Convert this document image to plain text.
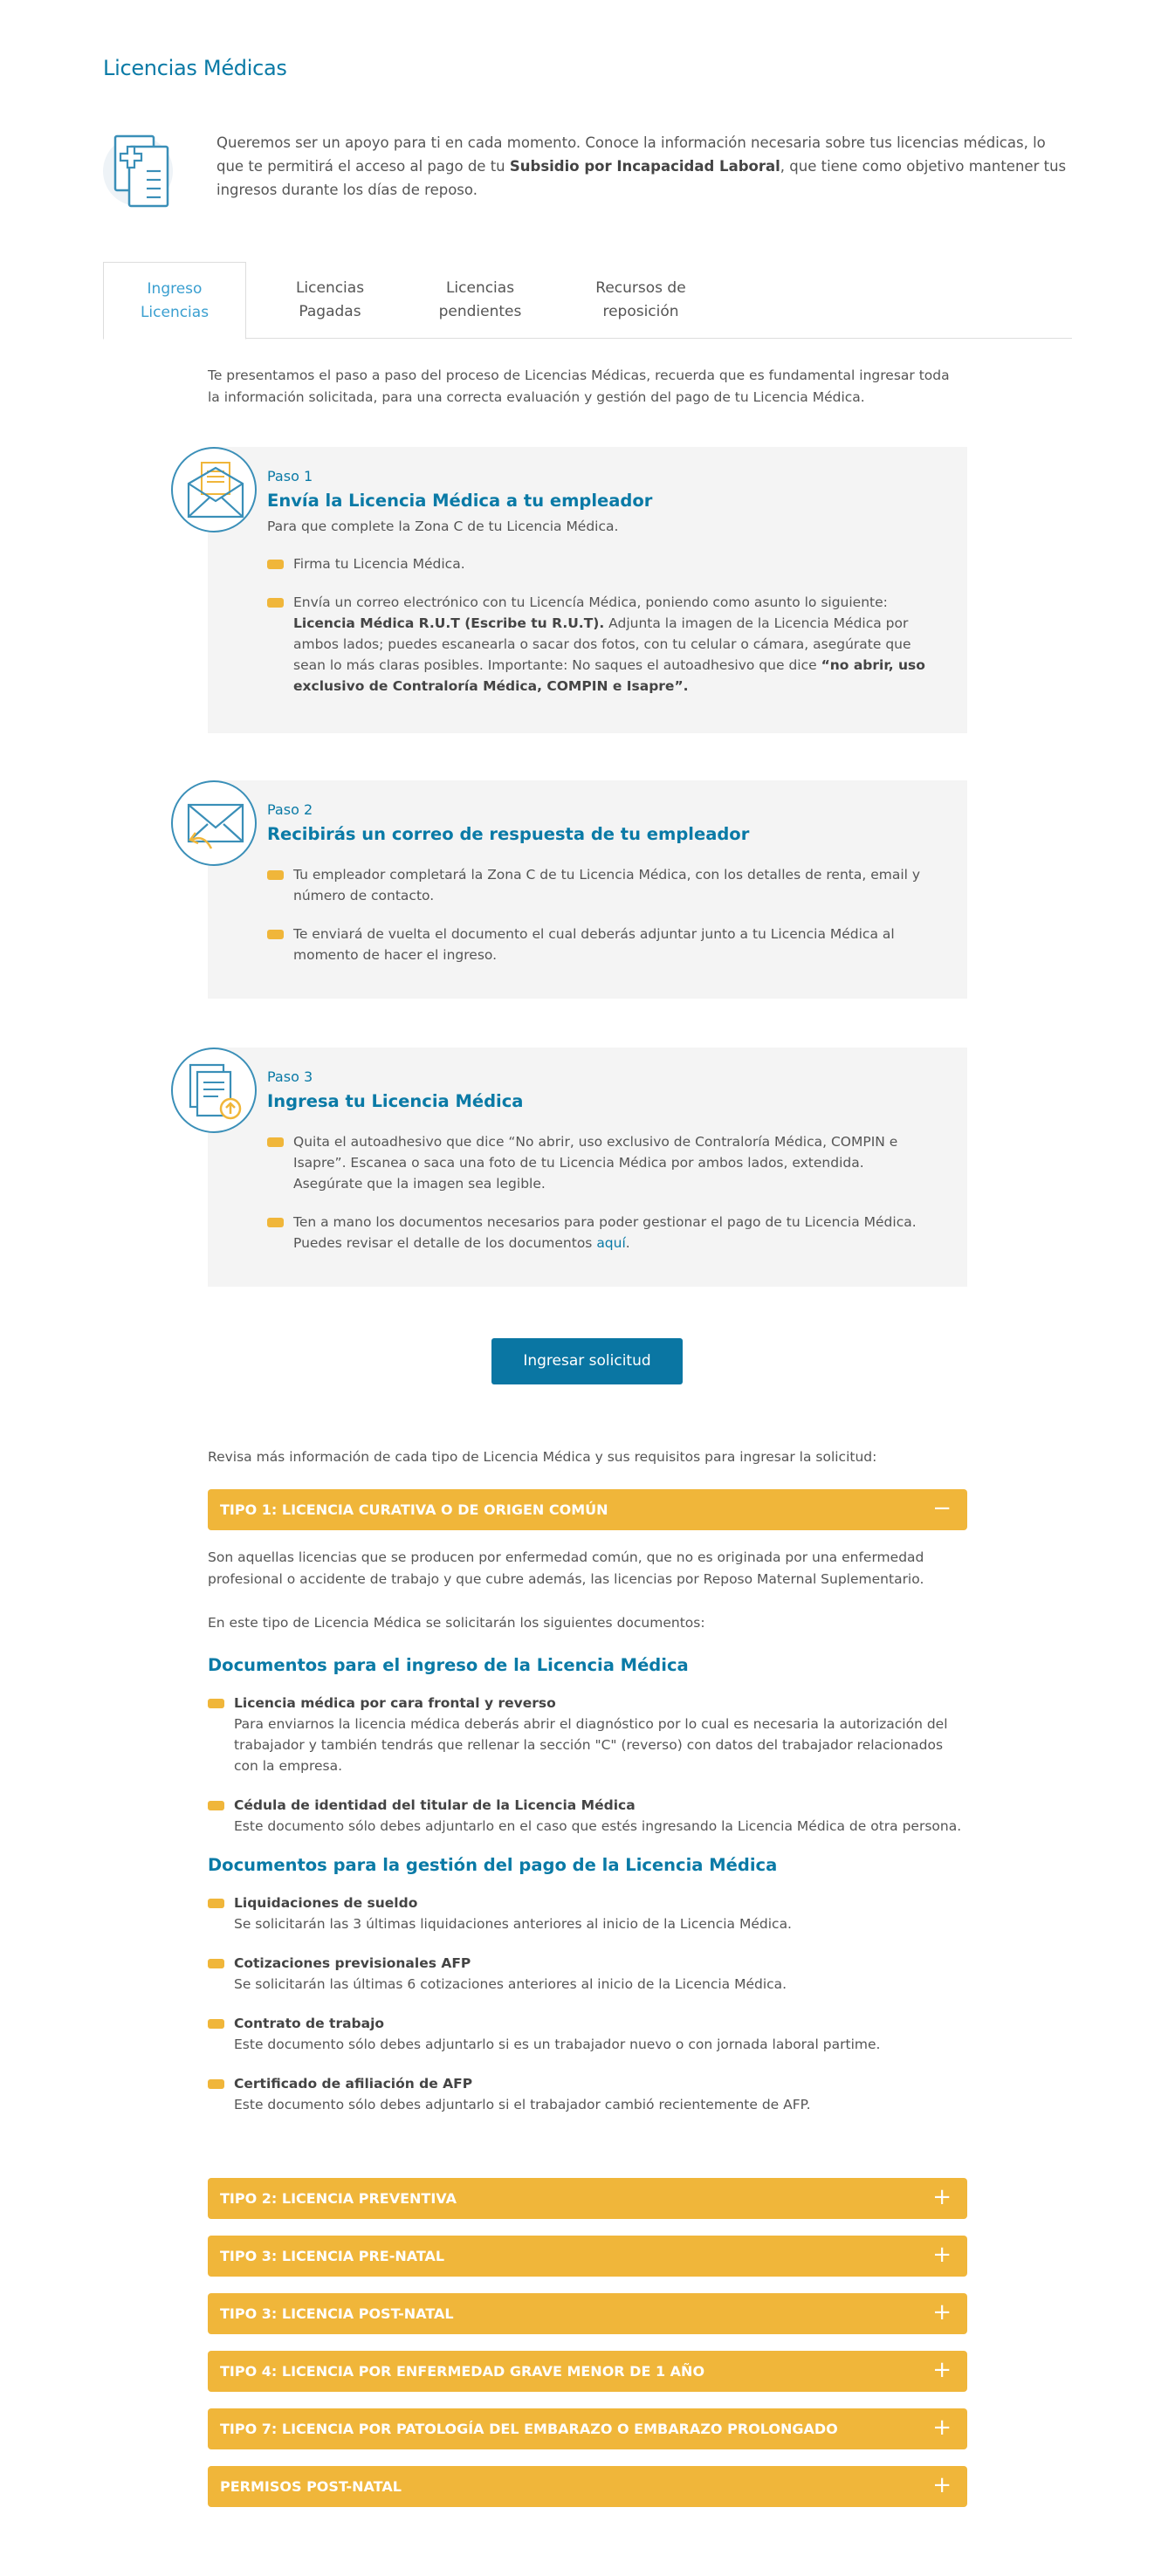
Licencias Médicas

Queremos ser un apoyo para ti en cada momento. Conoce la información necesaria sobre tus licencias médicas, lo que te permitirá el acceso al pago de tu Subsidio por Incapacidad Laboral, que tiene como objetivo mantener tus ingresos durante los días de reposo.

Ingreso
Licencias
Licencias
Pagadas
Licencias
pendientes
Recursos de
reposición

Te presentamos el paso a paso del proceso de Licencias Médicas, recuerda que es fundamental ingresar toda la información solicitada, para una correcta evaluación y gestión del pago de tu Licencia Médica.

Paso 1
Envía la Licencia Médica a tu empleador
Para que complete la Zona C de tu Licencia Médica.
Firma tu Licencia Médica.
Envía un correo electrónico con tu Licencía Médica, poniendo como asunto lo siguiente: Licencia Médica R.U.T (Escribe tu R.U.T). Adjunta la imagen de la Licencia Médica por ambos lados; puedes escanearla o sacar dos fotos, con tu celular o cámara, asegúrate que sean lo más claras posibles. Importante: No saques el autoadhesivo que dice “no abrir, uso exclusivo de Contraloría Médica, COMPIN e Isapre”.
Paso 2
Recibirás un correo de respuesta de tu empleador
Tu empleador completará la Zona C de tu Licencia Médica, con los detalles de renta, email y número de contacto.
Te enviará de vuelta el documento el cual deberás adjuntar junto a tu Licencia Médica al momento de hacer el ingreso.
Paso 3
Ingresa tu Licencia Médica
Quita el autoadhesivo que dice “No abrir, uso exclusivo de Contraloría Médica, COMPIN e Isapre”. Escanea o saca una foto de tu Licencia Médica por ambos lados, extendida. Asegúrate que la imagen sea legible.
Ten a mano los documentos necesarios para poder gestionar el pago de tu Licencia Médica. Puedes revisar el detalle de los documentos aquí.
Ingresar solicitud

Revisa más información de cada tipo de Licencia Médica y sus requisitos para ingresar la solicitud:

TIPO 1: LICENCIA CURATIVA O DE ORIGEN COMÚN	−

Son aquellas licencias que se producen por enfermedad común, que no es originada por una enfermedad profesional o accidente de trabajo y que cubre además, las licencias por Reposo Maternal Suplementario.

En este tipo de Licencia Médica se solicitarán los siguientes documentos:

Documentos para el ingreso de la Licencia Médica
Licencia médica por cara frontal y reverso
Para enviarnos la licencia médica deberás abrir el diagnóstico por lo cual es necesaria la autorización del trabajador y también tendrás que rellenar la sección "C" (reverso) con datos del trabajador relacionados con la empresa.
Cédula de identidad del titular de la Licencia Médica
Este documento sólo debes adjuntarlo en el caso que estés ingresando la Licencia Médica de otra persona.
Documentos para la gestión del pago de la Licencia Médica
Liquidaciones de sueldo
Se solicitarán las 3 últimas liquidaciones anteriores al inicio de la Licencia Médica.
Cotizaciones previsionales AFP
Se solicitarán las últimas 6 cotizaciones anteriores al inicio de la Licencia Médica.
Contrato de trabajo
Este documento sólo debes adjuntarlo si es un trabajador nuevo o con jornada laboral partime.
Certificado de afiliación de AFP
Este documento sólo debes adjuntarlo si el trabajador cambió recientemente de AFP.
TIPO 2: LICENCIA PREVENTIVA	+
TIPO 3: LICENCIA PRE-NATAL	+
TIPO 3: LICENCIA POST-NATAL	+
TIPO 4: LICENCIA POR ENFERMEDAD GRAVE MENOR DE 1 AÑO	+
TIPO 7: LICENCIA POR PATOLOGÍA DEL EMBARAZO O EMBARAZO PROLONGADO	+
PERMISOS POST-NATAL	+
